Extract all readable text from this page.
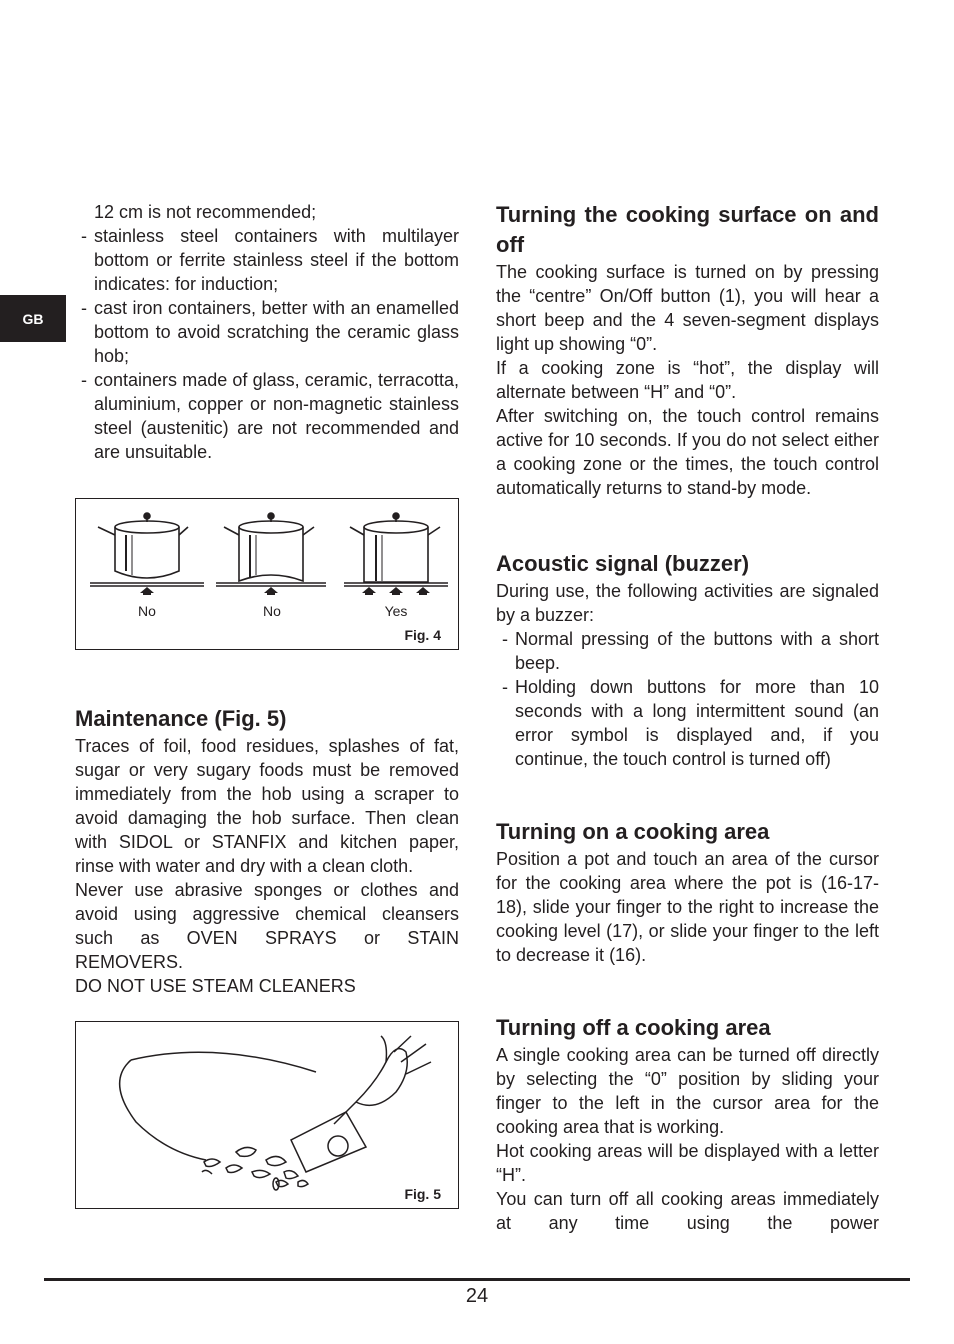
GB

12 cm is not recommended;

- stainless steel containers with multilayer bottom or ferrite stainless steel if the bottom indicates: for induction;
- cast iron containers, better with an enamelled bottom to avoid scratching the ceramic glass hob;
- containers made of glass, ceramic, terracotta, aluminium, copper or non-magnetic stainless steel (austenitic) are not recommended and are unsuitable.
No	No	Yes
Fig. 4
Maintenance (Fig. 5)

Traces of foil, food residues, splashes of fat, sugar or very sugary foods must be removed immediately from the hob using a scraper to avoid damaging the hob surface. Then clean with SIDOL or STANFIX and kitchen paper, rinse with water and dry with a clean cloth.

Never use abrasive sponges or clothes and avoid using aggressive chemical cleansers such as OVEN SPRAYS or STAIN REMOVERS.

DO NOT USE STEAM CLEANERS

Fig. 5
Turning the cooking surface on and off

The cooking surface is turned on by pressing the “centre” On/Off button (1), you will hear a short beep and the 4 seven-segment displays light up showing “0”.

If a cooking zone is “hot”, the display will alternate between “H” and “0”.

After switching on, the touch control remains active for 10 seconds. If you do not select either a cooking zone or the times, the touch control automatically returns to stand-by mode.

Acoustic signal (buzzer)

During use, the following activities are signaled by a buzzer:

- Normal pressing of the buttons with a short beep.
- Holding down buttons for more than 10 seconds with a long intermittent sound (an error symbol is displayed and, if you continue, the touch control is turned off)
Turning on a cooking area

Position a pot and touch an area of the cursor for the cooking area where the pot is (16-17-18), slide your finger to the right to increase the cooking level (17), or slide your finger to the left to decrease it (16).

Turning off a cooking area

A single cooking area can be turned off directly by selecting the “0” position by sliding your finger to the left in the cursor area for the cooking area that is working.

Hot cooking areas will be displayed with a letter “H”.

You can turn off all cooking areas immediately at any time using the power

24
